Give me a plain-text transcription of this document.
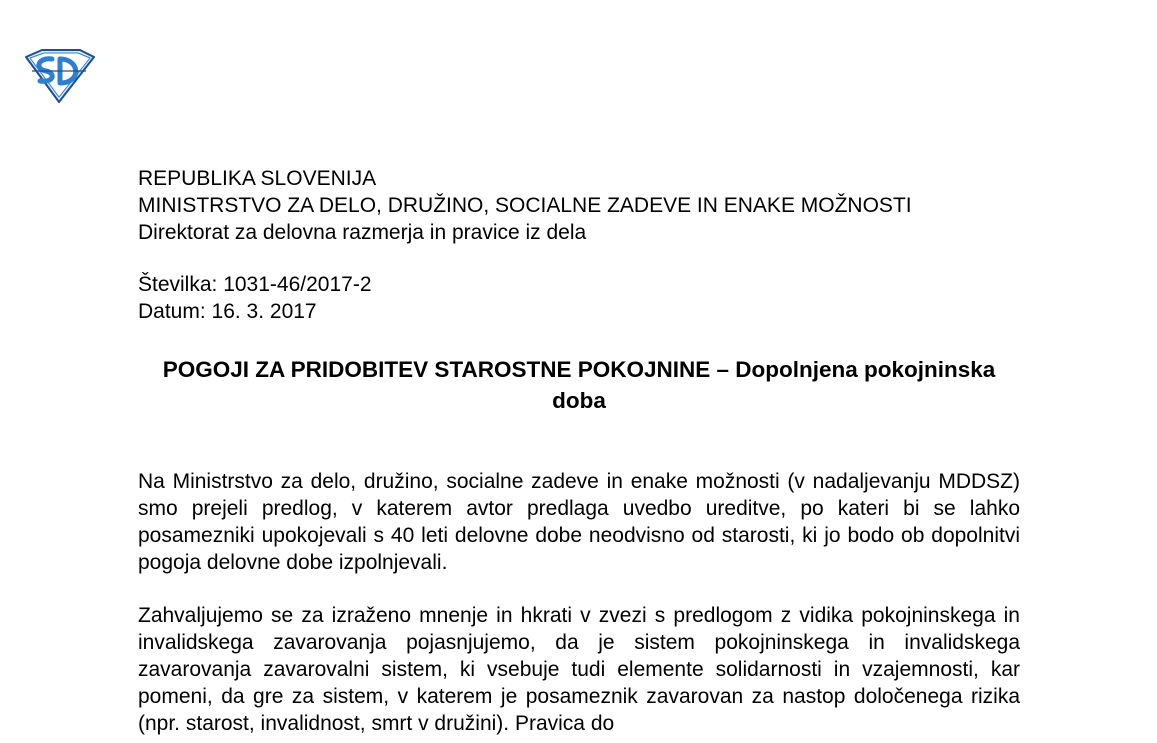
REPUBLIKA SLOVENIJA
MINISTRSTVO ZA DELO, DRUŽINO, SOCIALNE ZADEVE IN ENAKE MOŽNOSTI
Direktorat za delovna razmerja in pravice iz dela
Številka: 1031-46/2017-2
Datum: 16. 3. 2017
POGOJI ZA PRIDOBITEV STAROSTNE POKOJNINE – Dopolnjena pokojninska doba

Na Ministrstvo za delo, družino, socialne zadeve in enake možnosti (v nadaljevanju MDDSZ) smo prejeli predlog, v katerem avtor predlaga uvedbo ureditve, po kateri bi se lahko posamezniki upokojevali s 40 leti delovne dobe neodvisno od starosti, ki jo bodo ob dopolnitvi pogoja delovne dobe izpolnjevali.

Zahvaljujemo se za izraženo mnenje in hkrati v zvezi s predlogom z vidika pokojninskega in invalidskega zavarovanja pojasnjujemo, da je sistem pokojninskega in invalidskega zavarovanja zavarovalni sistem, ki vsebuje tudi elemente solidarnosti in vzajemnosti, kar pomeni, da gre za sistem, v katerem je posameznik zavarovan za nastop določenega rizika (npr. starost, invalidnost, smrt v družini). Pravica do
